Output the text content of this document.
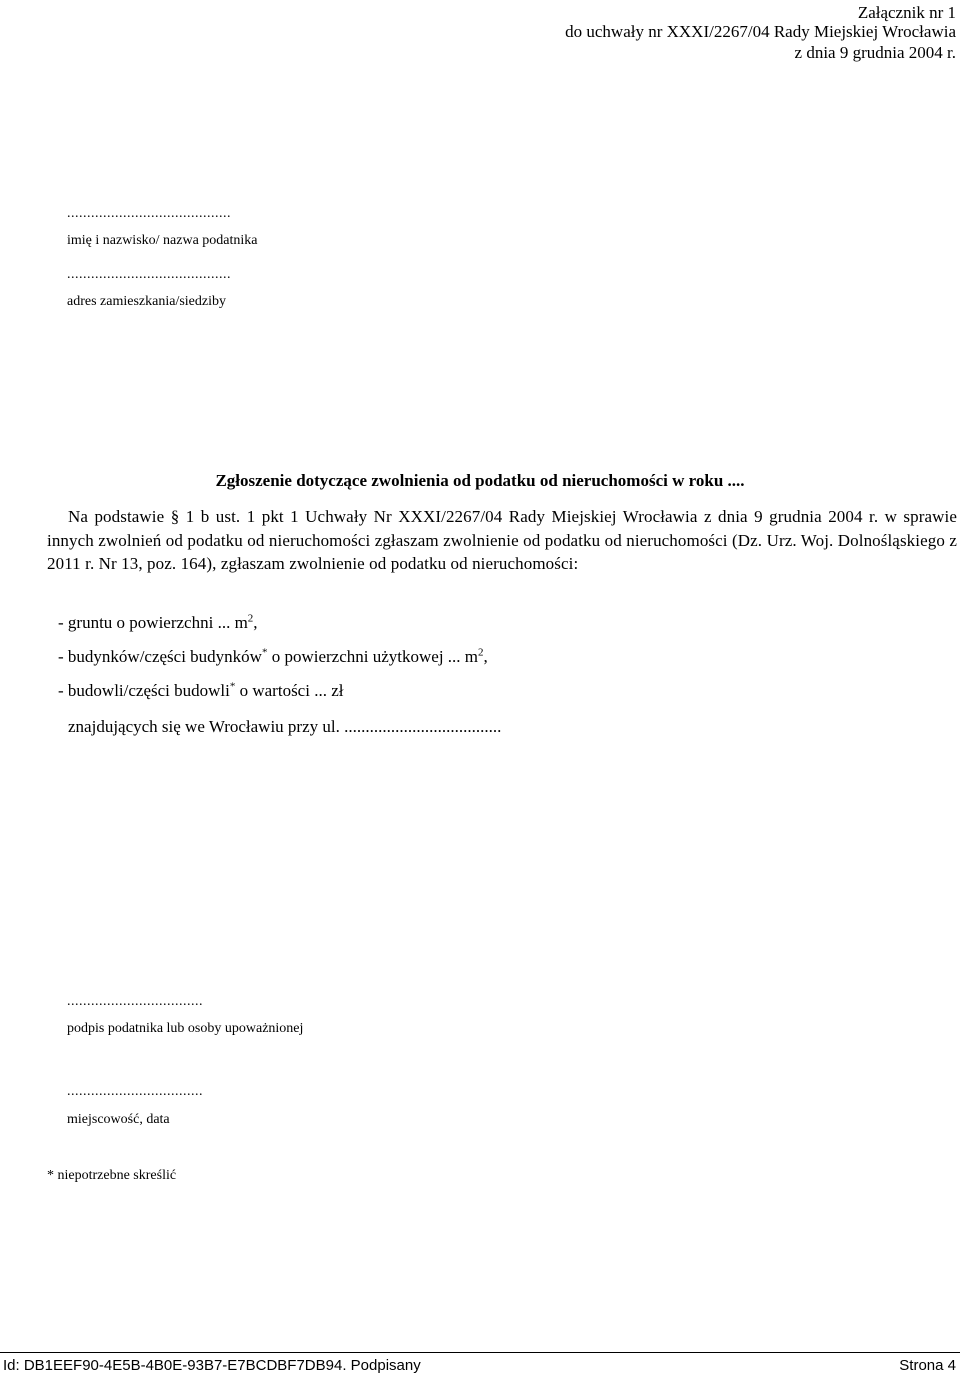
Załącznik nr 1
do uchwały nr XXXI/2267/04 Rady Miejskiej Wrocławia
z dnia 9 grudnia 2004 r.
.........................................
imię i nazwisko/ nazwa podatnika
.........................................
adres zamieszkania/siedziby
Zgłoszenie dotyczące zwolnienia od podatku od nieruchomości w roku ....
Na podstawie § 1 b ust. 1 pkt 1 Uchwały Nr XXXI/2267/04 Rady Miejskiej Wrocławia z dnia 9 grudnia 2004 r. w sprawie innych zwolnień od podatku od nieruchomości zgłaszam zwolnienie od podatku od nieruchomości (Dz. Urz. Woj. Dolnośląskiego z 2011 r. Nr 13, poz. 164), zgłaszam zwolnienie od podatku od nieruchomości:
- gruntu o powierzchni ... $m^2$,
- budynków/części budynków* o powierzchni użytkowej ... $m^2$,
- budowli/części budowli* o wartości ... zł
znajdujących się we Wrocławiu przy ul. .....................................
..................................
podpis podatnika lub osoby upoważnionej
..................................
miejscowość, data
* niepotrzebne skreślić
Id: DB1EEF90-4E5B-4B0E-93B7-E7BCDBF7DB94. Podpisany	Strona 4
